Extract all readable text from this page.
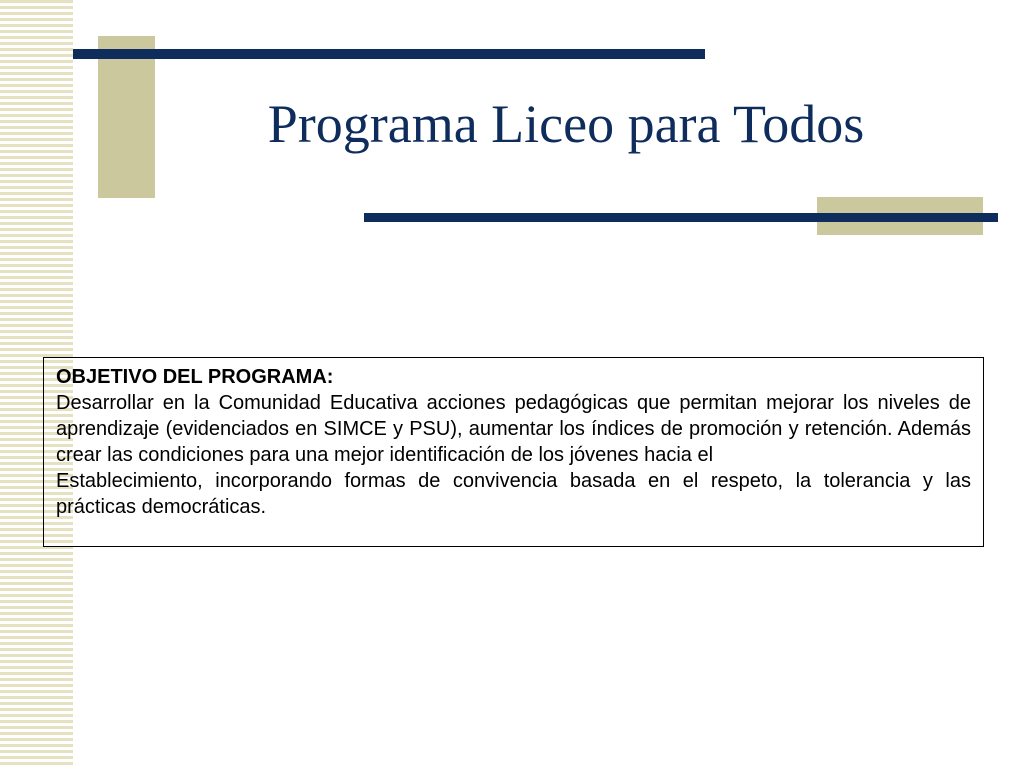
Programa Liceo para Todos

OBJETIVO DEL PROGRAMA:

Desarrollar en la Comunidad Educativa acciones pedagógicas que permitan mejorar los niveles de aprendizaje (evidenciados en SIMCE y PSU), aumentar los índices de promoción y retención. Además crear las condiciones para una mejor identificación de los jóvenes hacia el

Establecimiento, incorporando formas de convivencia basada en el respeto, la tolerancia y las prácticas democráticas.
